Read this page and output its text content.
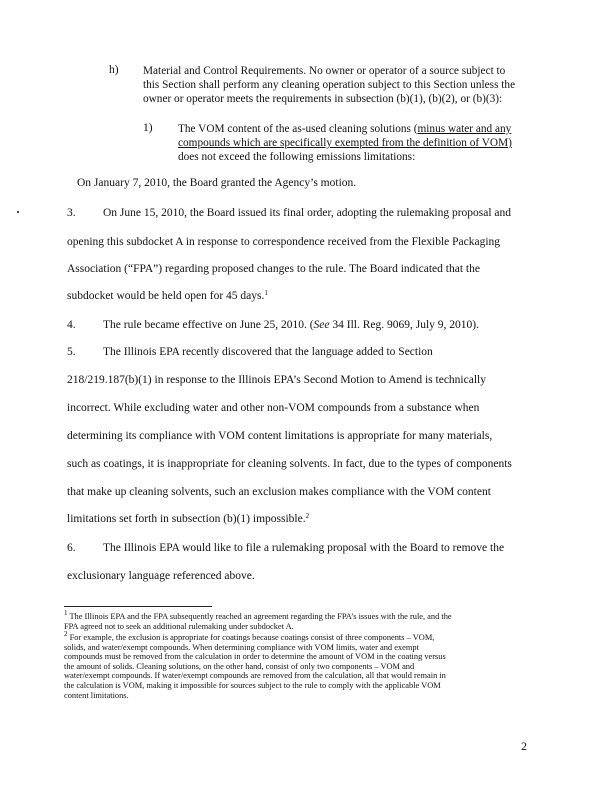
h) Material and Control Requirements. No owner or operator of a source subject to
this Section shall perform any cleaning operation subject to this Section unless the
owner or operator meets the requirements in subsection (b)(1), (b)(2), or (b)(3):
1) The VOM content of the as-used cleaning solutions (minus water and any
compounds which are specifically exempted from the definition of VOM)
does not exceed the following emissions limitations:
On January 7, 2010, the Board granted the Agency’s motion.
3. On June 15, 2010, the Board issued its final order, adopting the rulemaking proposal and
opening this subdocket A in response to correspondence received from the Flexible Packaging
Association (“FPA”) regarding proposed changes to the rule. The Board indicated that the
subdocket would be held open for 45 days.$^1$
4. The rule became effective on June 25, 2010. (See 34 Ill. Reg. 9069, July 9, 2010).
5. The Illinois EPA recently discovered that the language added to Section
218/219.187(b)(1) in response to the Illinois EPA’s Second Motion to Amend is technically
incorrect. While excluding water and other non-VOM compounds from a substance when
determining its compliance with VOM content limitations is appropriate for many materials,
such as coatings, it is inappropriate for cleaning solvents. In fact, due to the types of components
that make up cleaning solvents, such an exclusion makes compliance with the VOM content
limitations set forth in subsection (b)(1) impossible.$^2$
6. The Illinois EPA would like to file a rulemaking proposal with the Board to remove the
exclusionary language referenced above.

$^1$ The Illinois EPA and the FPA subsequently reached an agreement regarding the FPA’s issues with the rule, and the

FPA agreed not to seek an additional rulemaking under subdocket A.

$^2$ For example, the exclusion is appropriate for coatings because coatings consist of three components – VOM,

solids, and water/exempt compounds. When determining compliance with VOM limits, water and exempt

compounds must be removed from the calculation in order to determine the amount of VOM in the coating versus

the amount of solids. Cleaning solutions, on the other hand, consist of only two components – VOM and

water/exempt compounds. If water/exempt compounds are removed from the calculation, all that would remain in

the calculation is VOM, making it impossible for sources subject to the rule to comply with the applicable VOM

content limitations.

2
